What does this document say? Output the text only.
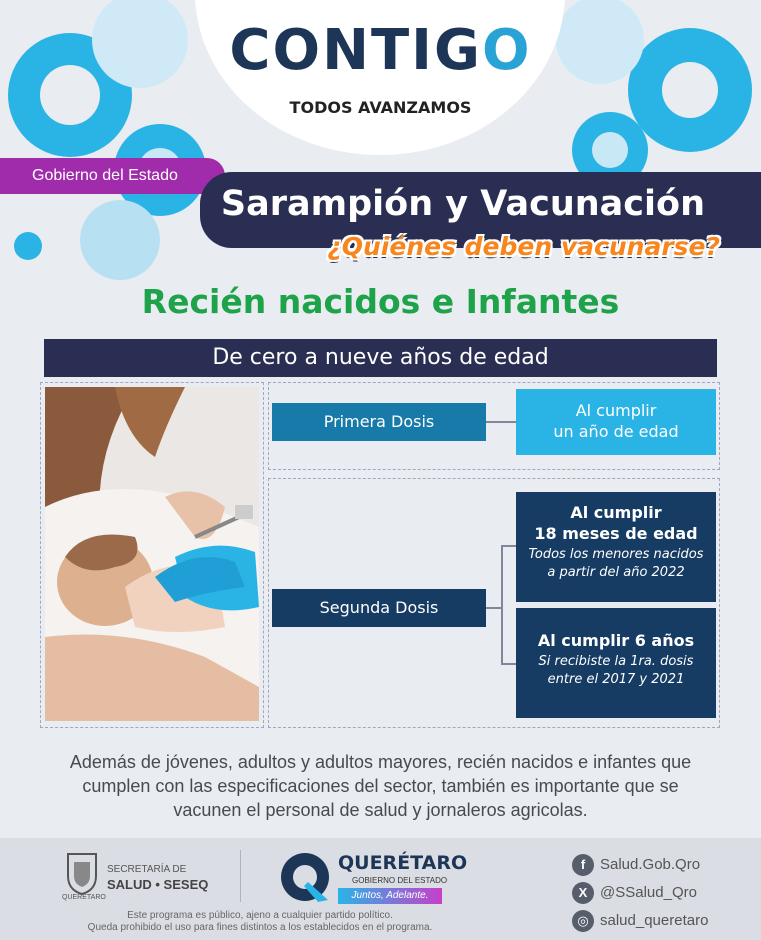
CONTIGO
TODOS AVANZAMOS
Gobierno del Estado
Sarampión y Vacunación
¿Quiénes deben vacunarse?
Recién nacidos e Infantes
De cero a nueve años de edad
Primera Dosis
Al cumplir
un año de edad
Segunda Dosis
Al cumplir
18 meses de edad
Todos los menores nacidos
a partir del año 2022
Al cumplir 6 años
Si recibiste la 1ra. dosis
entre el 2017 y 2021
Además de jóvenes, adultos y adultos mayores, recién nacidos e infantes que
cumplen con las especificaciones del sector, también es importante que se
vacunen el personal de salud y jornaleros agricolas.
SECRETARÍA DE
SALUD • SESEQ
QUERÉTARO
QUERÉTARO
GOBIERNO DEL ESTADO
Juntos, Adelante.
Este programa es público, ajeno a cualquier partido político.
Queda prohibido el uso para fines distintos a los establecidos en el programa.
f Salud.Gob.Qro
X @SSalud_Qro
◎ salud_queretaro
